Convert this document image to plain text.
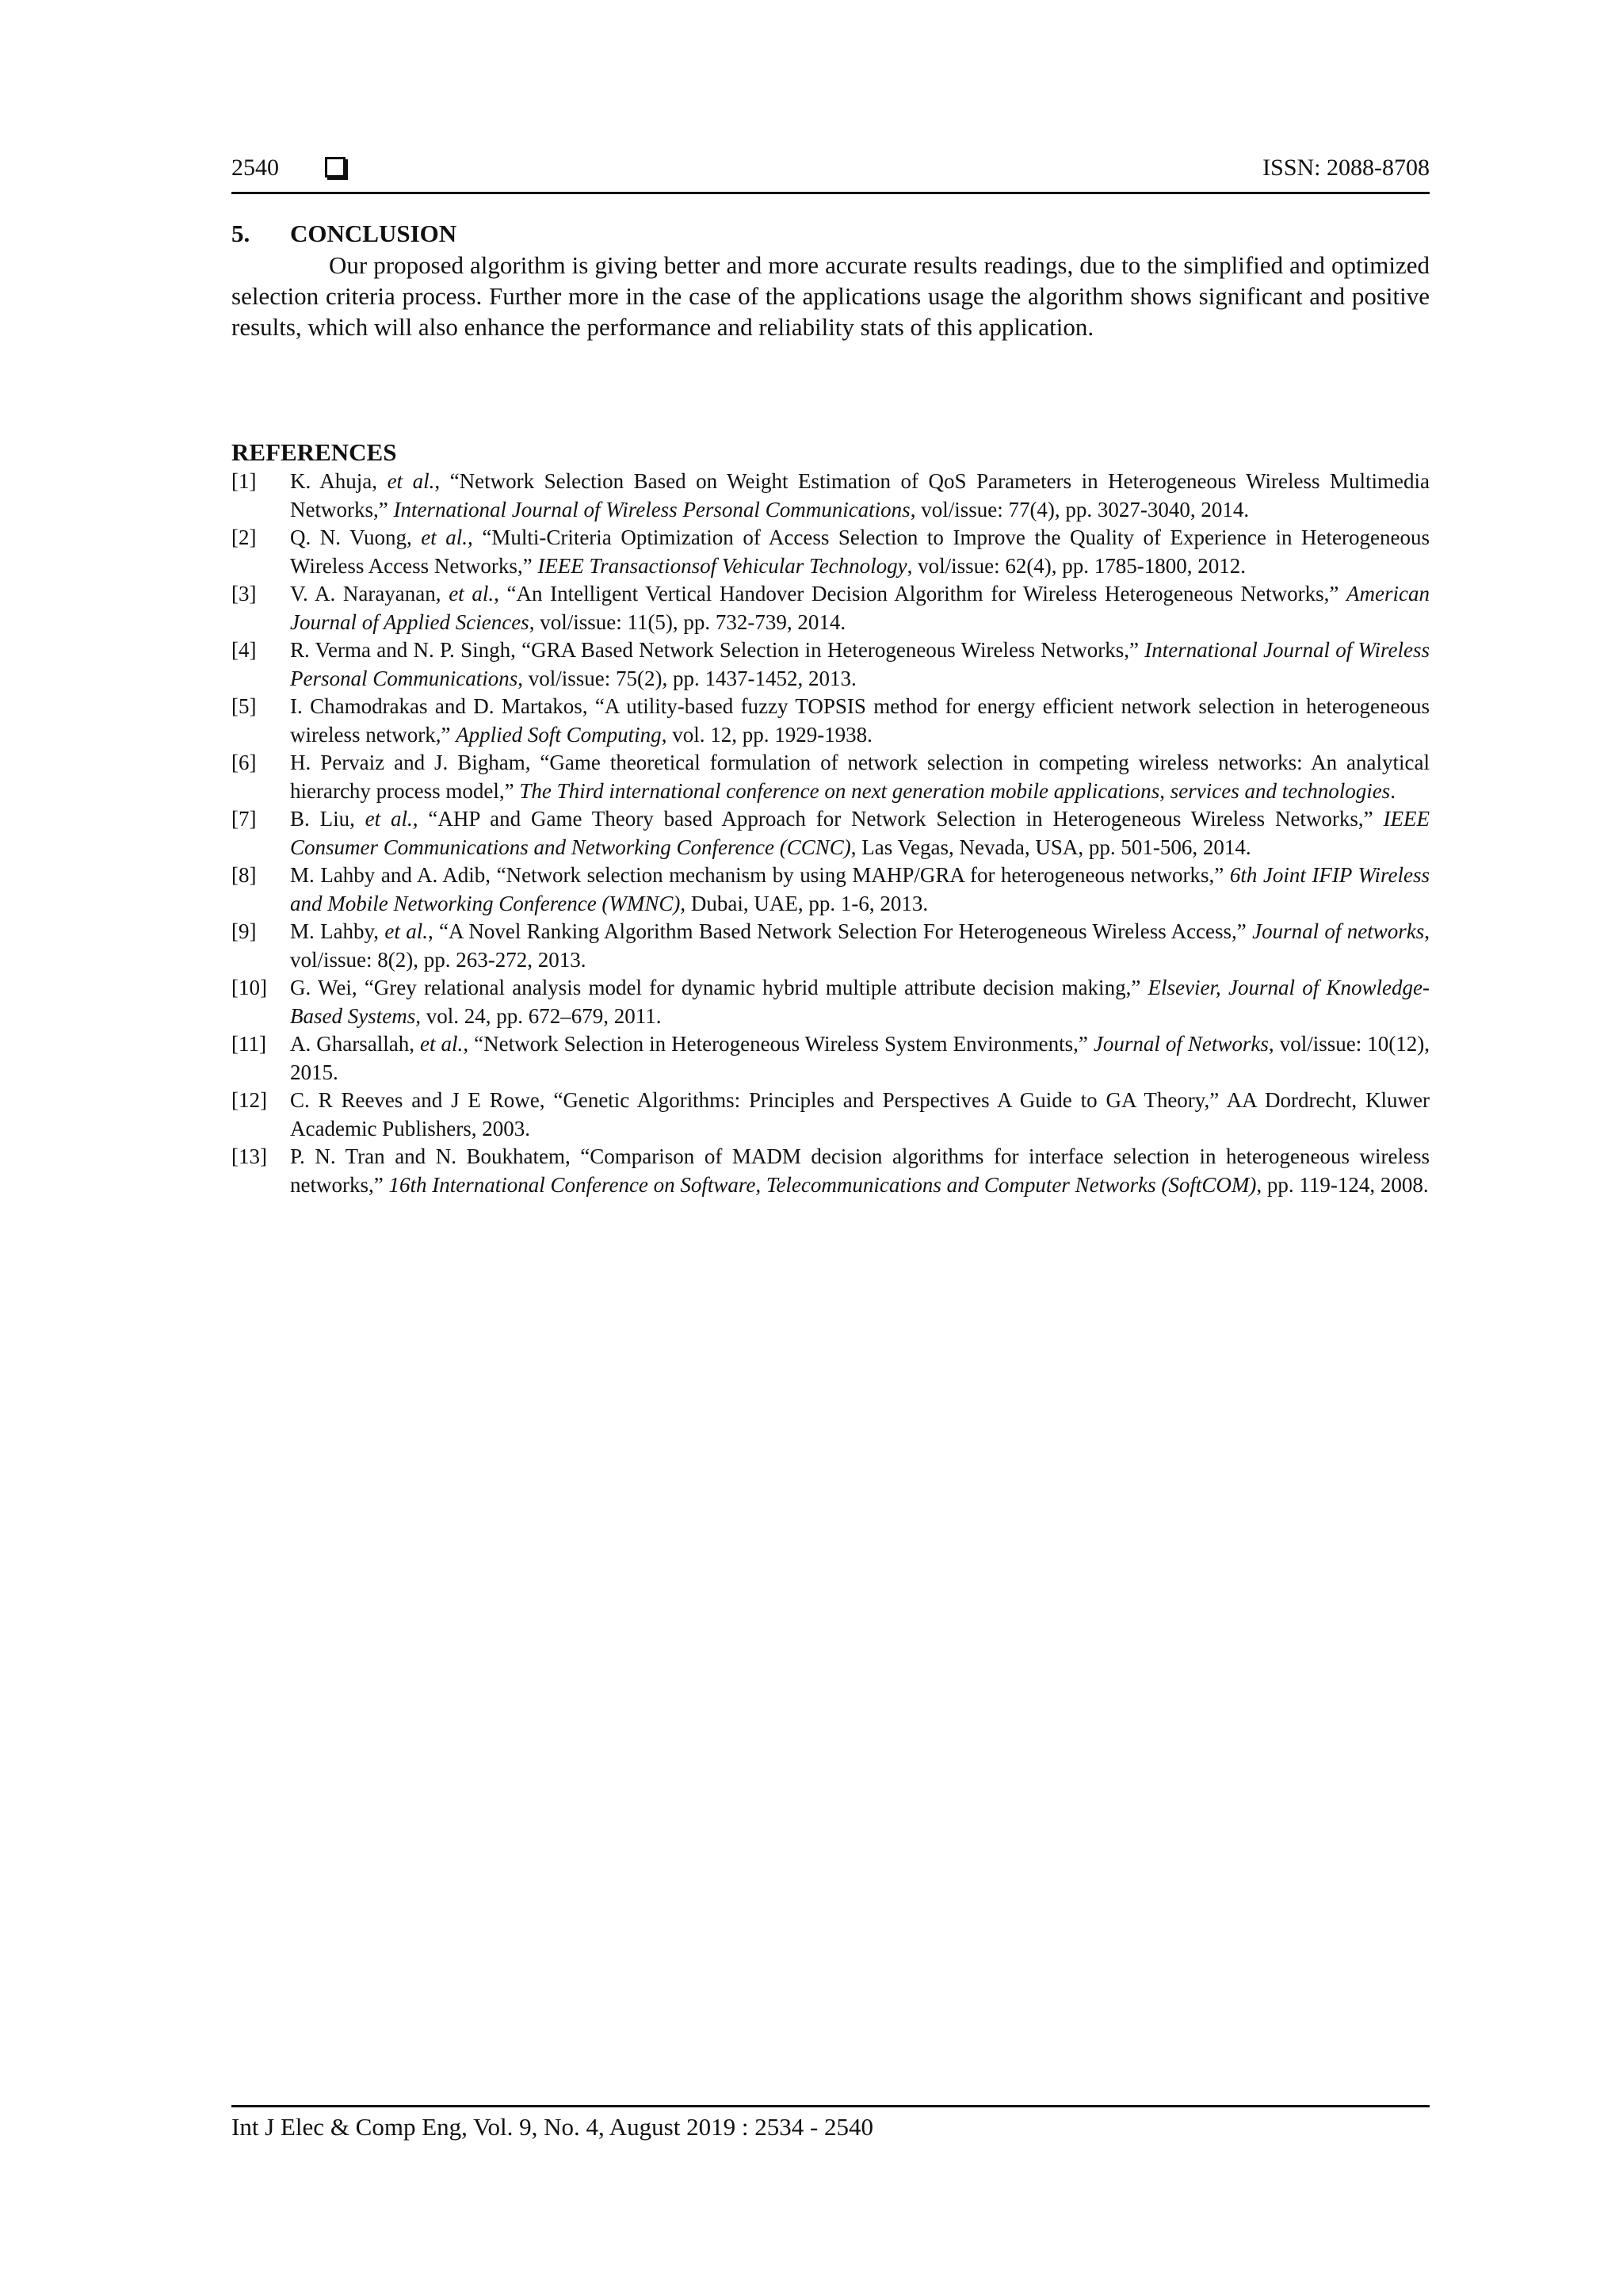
2540	ISSN: 2088-8708
5. CONCLUSION

Our proposed algorithm is giving better and more accurate results readings, due to the simplified and optimized selection criteria process. Further more in the case of the applications usage the algorithm shows significant and positive results, which will also enhance the performance and reliability stats of this application.

REFERENCES
[1] K. Ahuja, et al., “Network Selection Based on Weight Estimation of QoS Parameters in Heterogeneous Wireless Multimedia Networks,” International Journal of Wireless Personal Communications, vol/issue: 77(4), pp. 3027-3040, 2014.
[2] Q. N. Vuong, et al., “Multi-Criteria Optimization of Access Selection to Improve the Quality of Experience in Heterogeneous Wireless Access Networks,” IEEE Transactionsof Vehicular Technology, vol/issue: 62(4), pp. 1785-1800, 2012.
[3] V. A. Narayanan, et al., “An Intelligent Vertical Handover Decision Algorithm for Wireless Heterogeneous Networks,” American Journal of Applied Sciences, vol/issue: 11(5), pp. 732-739, 2014.
[4] R. Verma and N. P. Singh, “GRA Based Network Selection in Heterogeneous Wireless Networks,” International Journal of Wireless Personal Communications, vol/issue: 75(2), pp. 1437-1452, 2013.
[5] I. Chamodrakas and D. Martakos, “A utility-based fuzzy TOPSIS method for energy efficient network selection in heterogeneous wireless network,” Applied Soft Computing, vol. 12, pp. 1929-1938.
[6] H. Pervaiz and J. Bigham, “Game theoretical formulation of network selection in competing wireless networks: An analytical hierarchy process model,” The Third international conference on next generation mobile applications, services and technologies.
[7] B. Liu, et al., “AHP and Game Theory based Approach for Network Selection in Heterogeneous Wireless Networks,” IEEE Consumer Communications and Networking Conference (CCNC), Las Vegas, Nevada, USA, pp. 501-506, 2014.
[8] M. Lahby and A. Adib, “Network selection mechanism by using MAHP/GRA for heterogeneous networks,” 6th Joint IFIP Wireless and Mobile Networking Conference (WMNC), Dubai, UAE, pp. 1-6, 2013.
[9] M. Lahby, et al., “A Novel Ranking Algorithm Based Network Selection For Heterogeneous Wireless Access,” Journal of networks, vol/issue: 8(2), pp. 263-272, 2013.
[10] G. Wei, “Grey relational analysis model for dynamic hybrid multiple attribute decision making,” Elsevier, Journal of Knowledge-Based Systems, vol. 24, pp. 672–679, 2011.
[11] A. Gharsallah, et al., “Network Selection in Heterogeneous Wireless System Environments,” Journal of Networks, vol/issue: 10(12), 2015.
[12] C. R Reeves and J E Rowe, “Genetic Algorithms: Principles and Perspectives A Guide to GA Theory,” AA Dordrecht, Kluwer Academic Publishers, 2003.
[13] P. N. Tran and N. Boukhatem, “Comparison of MADM decision algorithms for interface selection in heterogeneous wireless networks,” 16th International Conference on Software, Telecommunications and Computer Networks (SoftCOM), pp. 119-124, 2008.
Int J Elec & Comp Eng, Vol. 9, No. 4, August 2019 : 2534 - 2540
